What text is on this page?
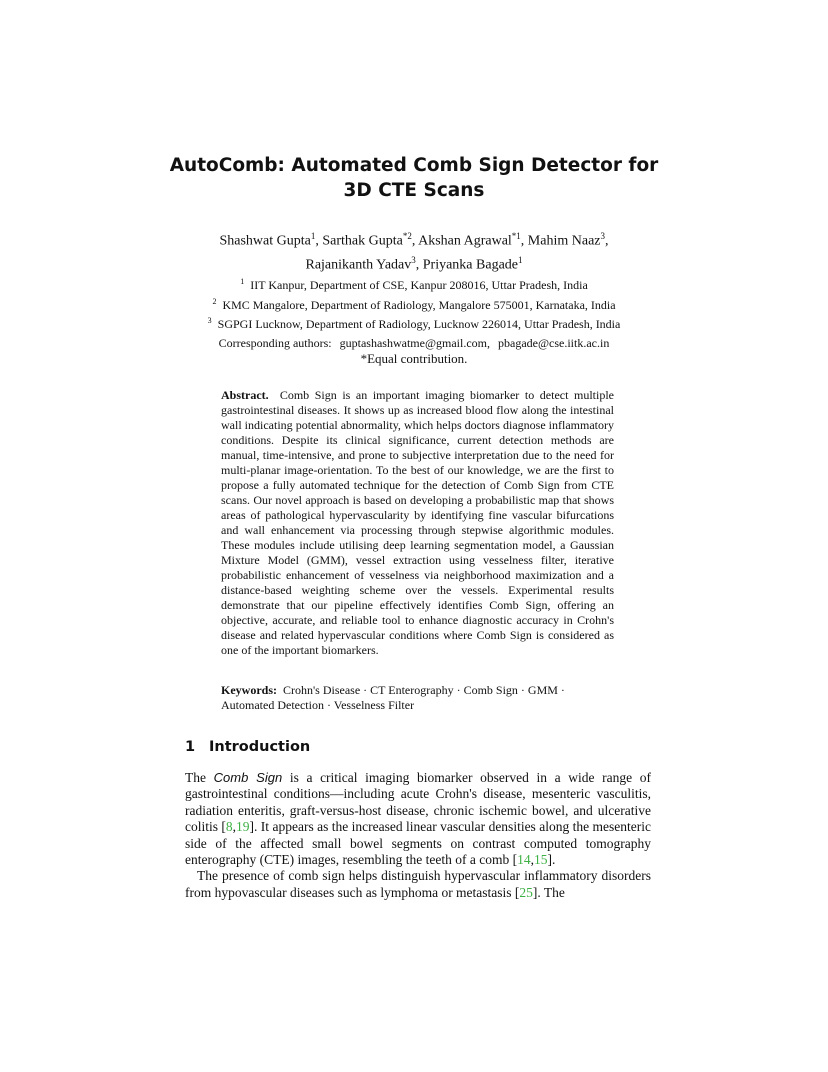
AutoComb: Automated Comb Sign Detector for
3D CTE Scans
Shashwat Gupta$^1$, Sarthak Gupta$^{*2}$, Akshan Agrawal$^{*1}$, Mahim Naaz$^3$,
Rajanikanth Yadav$^3$, Priyanka Bagade$^1$
$^1$ IIT Kanpur, Department of CSE, Kanpur 208016, Uttar Pradesh, India
$^2$ KMC Mangalore, Department of Radiology, Mangalore 575001, Karnataka, India
$^3$ SGPGI Lucknow, Department of Radiology, Lucknow 226014, Uttar Pradesh, India
Corresponding authors: guptashashwatme@gmail.com, pbagade@cse.iitk.ac.in
*Equal contribution.

Abstract. Comb Sign is an important imaging biomarker to detect multiple gastrointestinal diseases. It shows up as increased blood flow along the intestinal wall indicating potential abnormality, which helps doctors diagnose inflammatory conditions. Despite its clinical significance, current detection methods are manual, time-intensive, and prone to subjective interpretation due to the need for multi-planar image-orientation. To the best of our knowledge, we are the first to propose a fully automated technique for the detection of Comb Sign from CTE scans. Our novel approach is based on developing a probabilistic map that shows areas of pathological hypervascularity by identifying fine vascular bifurcations and wall enhancement via processing through stepwise algorithmic modules. These modules include utilising deep learning segmentation model, a Gaussian Mixture Model (GMM), vessel extraction using vesselness filter, iterative probabilistic enhancement of vesselness via neighborhood maximization and a distance-based weighting scheme over the vessels. Experimental results demonstrate that our pipeline effectively identifies Comb Sign, offering an objective, accurate, and reliable tool to enhance diagnostic accuracy in Crohn's disease and related hypervascular conditions where Comb Sign is considered as one of the important biomarkers.

Keywords: Crohn's Disease · CT Enterography · Comb Sign · GMM · Automated Detection · Vesselness Filter

1 Introduction

The Comb Sign is a critical imaging biomarker observed in a wide range of gastrointestinal conditions—including acute Crohn's disease, mesenteric vasculitis, radiation enteritis, graft-versus-host disease, chronic ischemic bowel, and ulcerative colitis [8,19]. It appears as the increased linear vascular densities along the mesenteric side of the affected small bowel segments on contrast computed tomography enterography (CTE) images, resembling the teeth of a comb [14,15].

The presence of comb sign helps distinguish hypervascular inflammatory disorders from hypovascular diseases such as lymphoma or metastasis [25]. The
